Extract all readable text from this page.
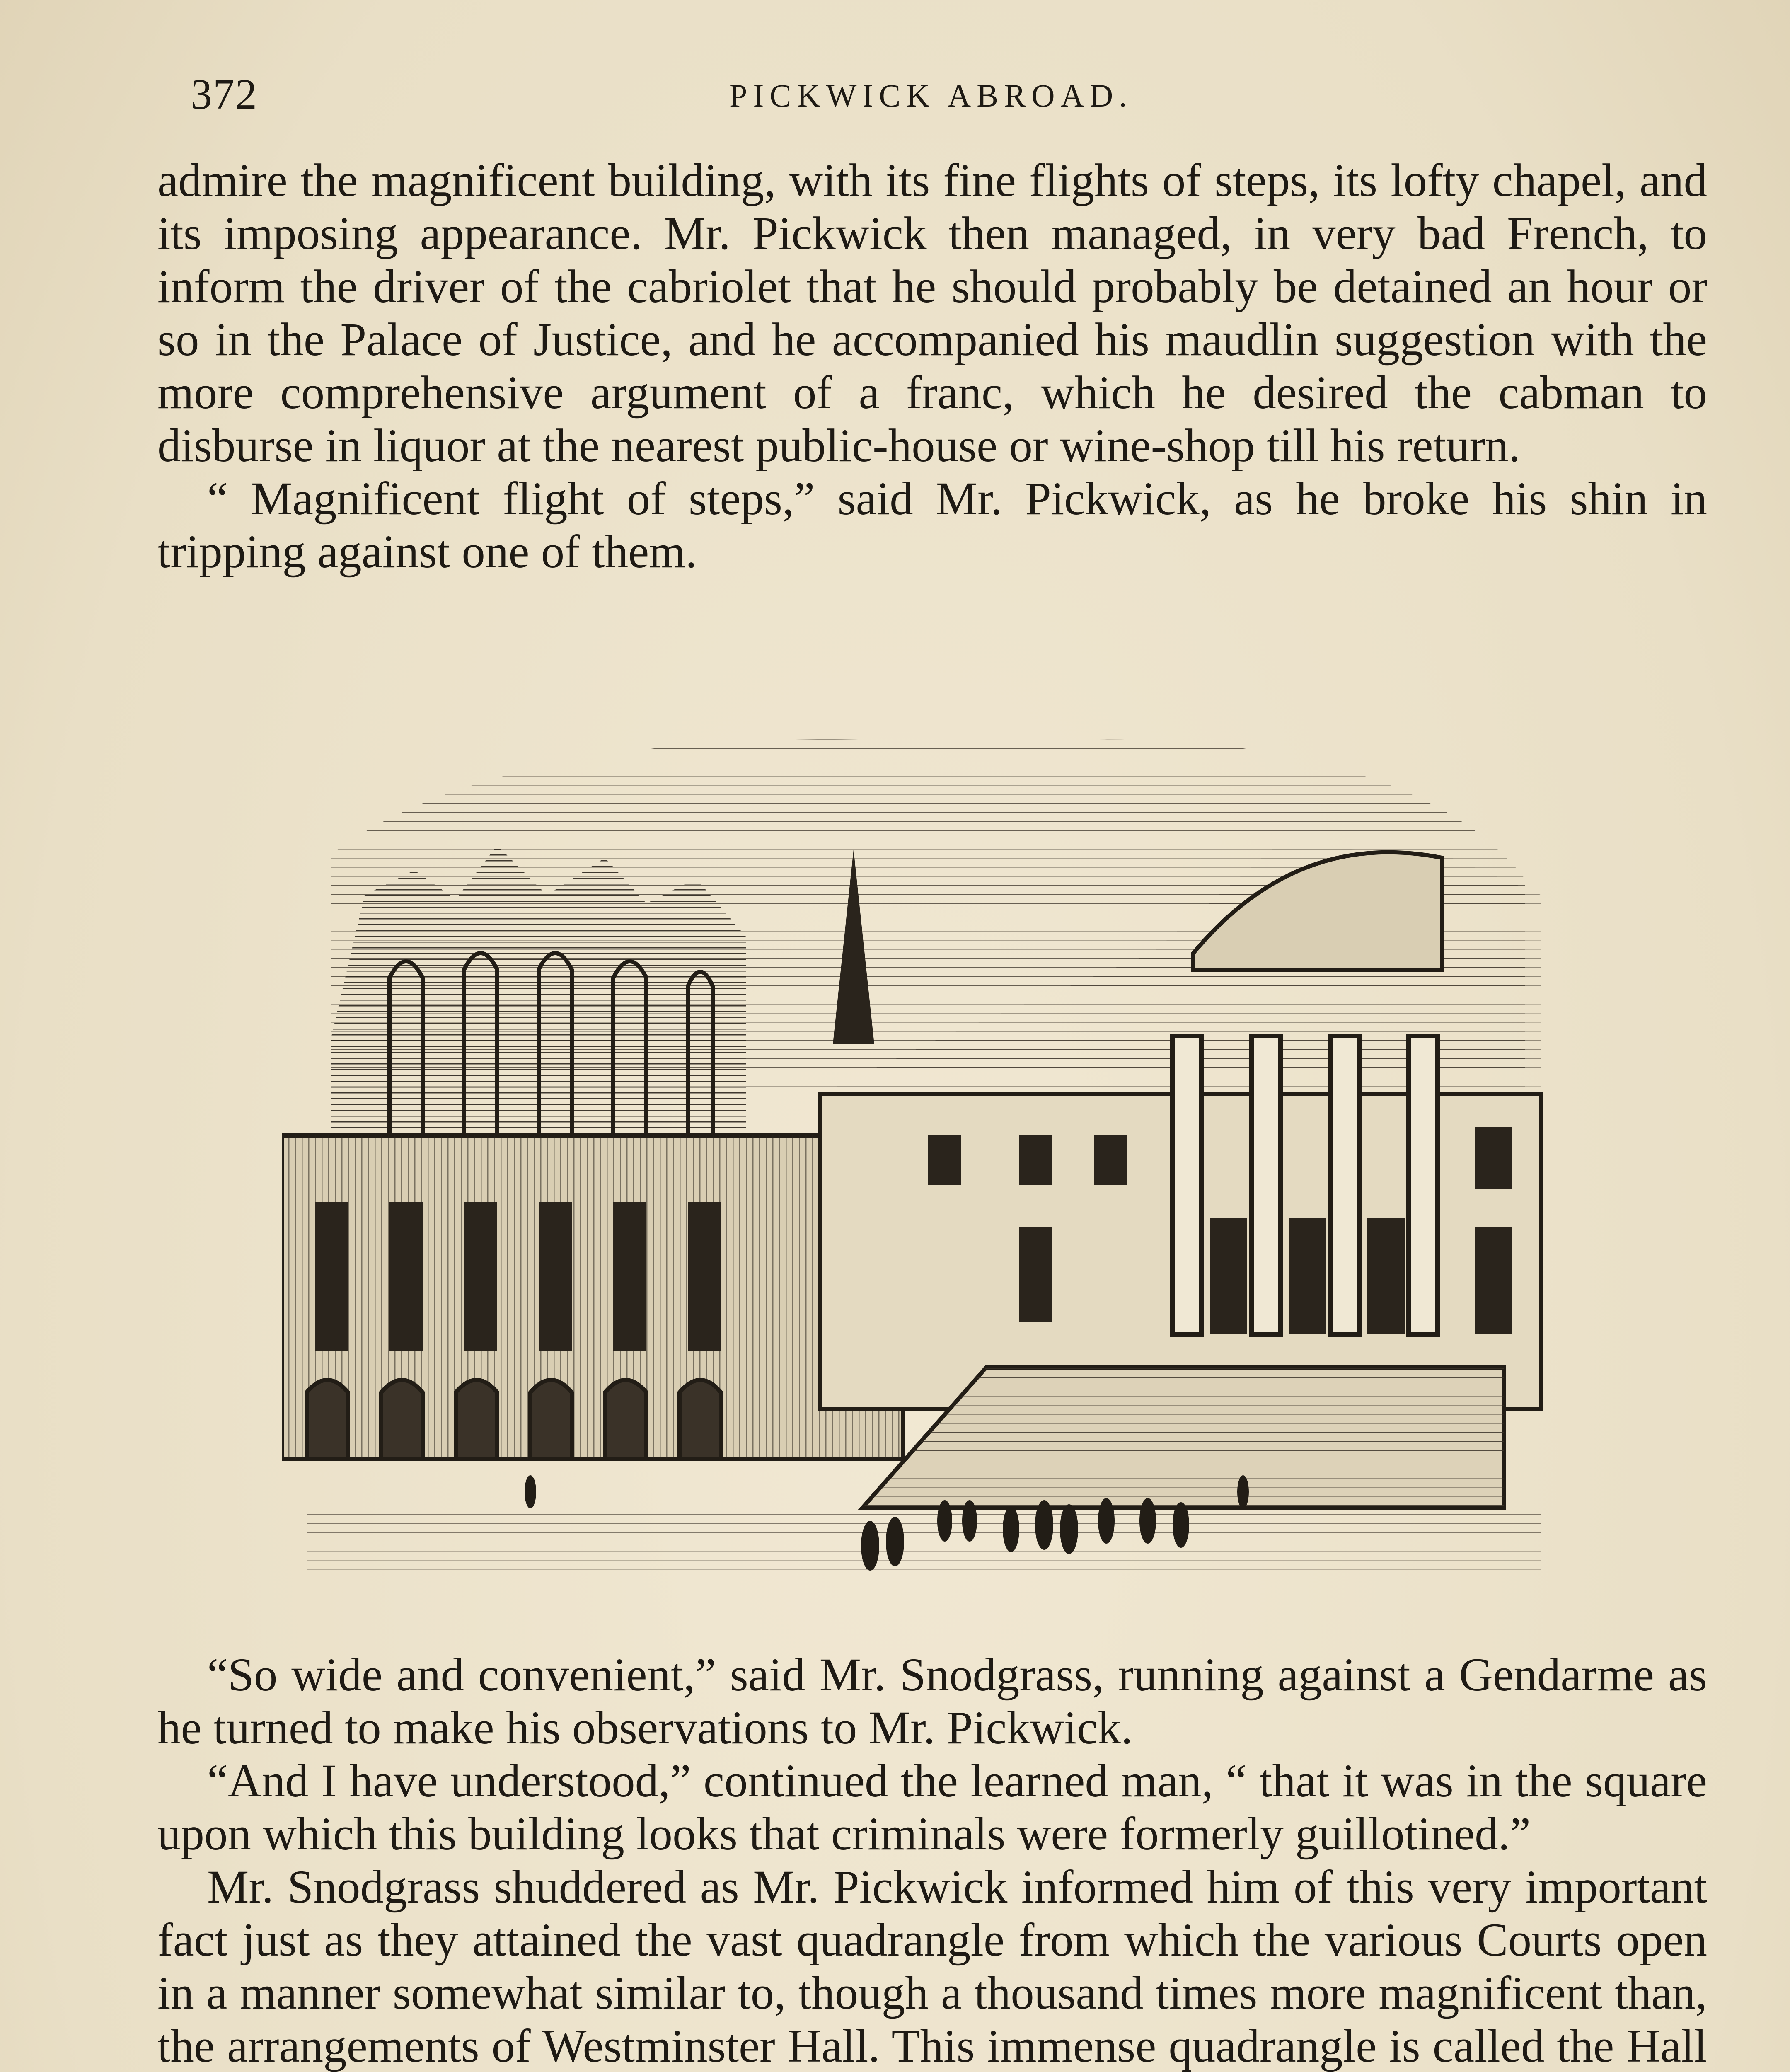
372	PICKWICK ABROAD.

admire the magnificent building, with its fine flights of steps, its lofty chapel, and its imposing appearance. Mr. Pickwick then managed, in very bad French, to inform the driver of the cabriolet that he should probably be detained an hour or so in the Palace of Justice, and he accompanied his maudlin suggestion with the more comprehensive argument of a franc, which he desired the cabman to disburse in liquor at the nearest public-house or wine-shop till his return.

“ Magnificent flight of steps,” said Mr. Pickwick, as he broke his shin in tripping against one of them.

“So wide and convenient,” said Mr. Snodgrass, running against a Gendarme as he turned to make his observations to Mr. Pickwick.

“And I have understood,” continued the learned man, “ that it was in the square upon which this building looks that criminals were formerly guillotined.”

Mr. Snodgrass shuddered as Mr. Pickwick informed him of this very important fact just as they attained the vast quadrangle from which the various Courts open in a manner somewhat similar to, though a thousand times more magnificent than, the arrangements of Westminster Hall. This immense quadrangle is called the Hall
